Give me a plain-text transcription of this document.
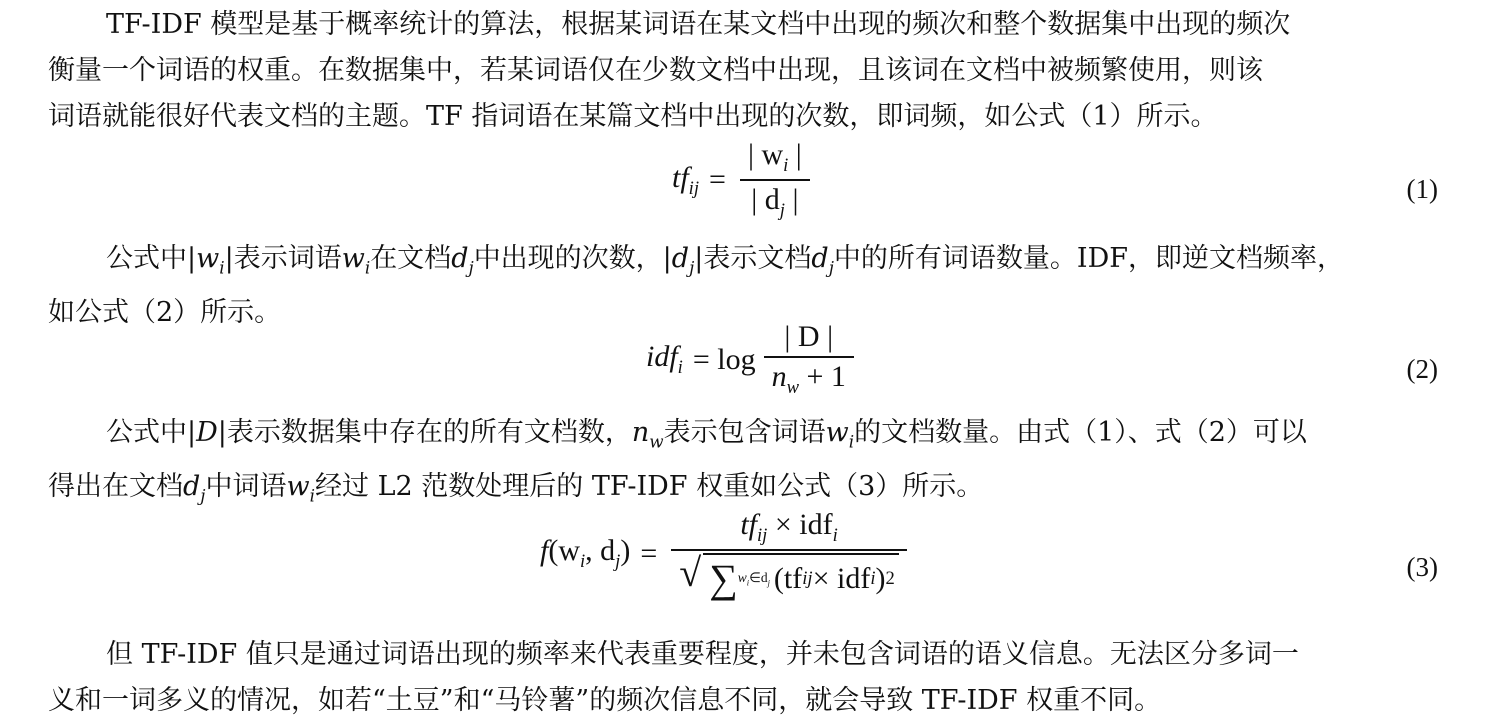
TF-IDF 模型是基于概率统计的算法，根据某词语在某文档中出现的频次和整个数据集中出现的频次
衡量一个词语的权重。在数据集中，若某词语仅在少数文档中出现，且该词在文档中被频繁使用，则该
词语就能很好代表文档的主题。TF 指词语在某篇文档中出现的次数，即词频，如公式（1）所示。
$tf_{ij} = \frac{| w_i |}{| d_j |}$	(1)
公式中$|w_i|$表示词语$w_i$在文档$d_j$中出现的次数，$|d_j|$表示文档$d_j$中的所有词语数量。IDF，即逆文档频率，
如公式（2）所示。
$idf_i = \log \frac{| D |}{n_w + 1}$	(2)
公式中|D|表示数据集中存在的所有文档数，$n_w$表示包含词语$w_i$的文档数量。由式（1）、式（2）可以
得出在文档$d_j$中词语$w_i$经过 L2 范数处理后的 TF-IDF 权重如公式（3）所示。
$f(w_i$, $d_j$) =
$tf_{ij} \times idf_i$
√ ∑ $w_i\in d_j$ (tf ij × idf i ) 2	(3)
但 TF-IDF 值只是通过词语出现的频率来代表重要程度，并未包含词语的语义信息。无法区分多词一
义和一词多义的情况，如若“土豆”和“马铃薯”的频次信息不同，就会导致 TF-IDF 权重不同。
